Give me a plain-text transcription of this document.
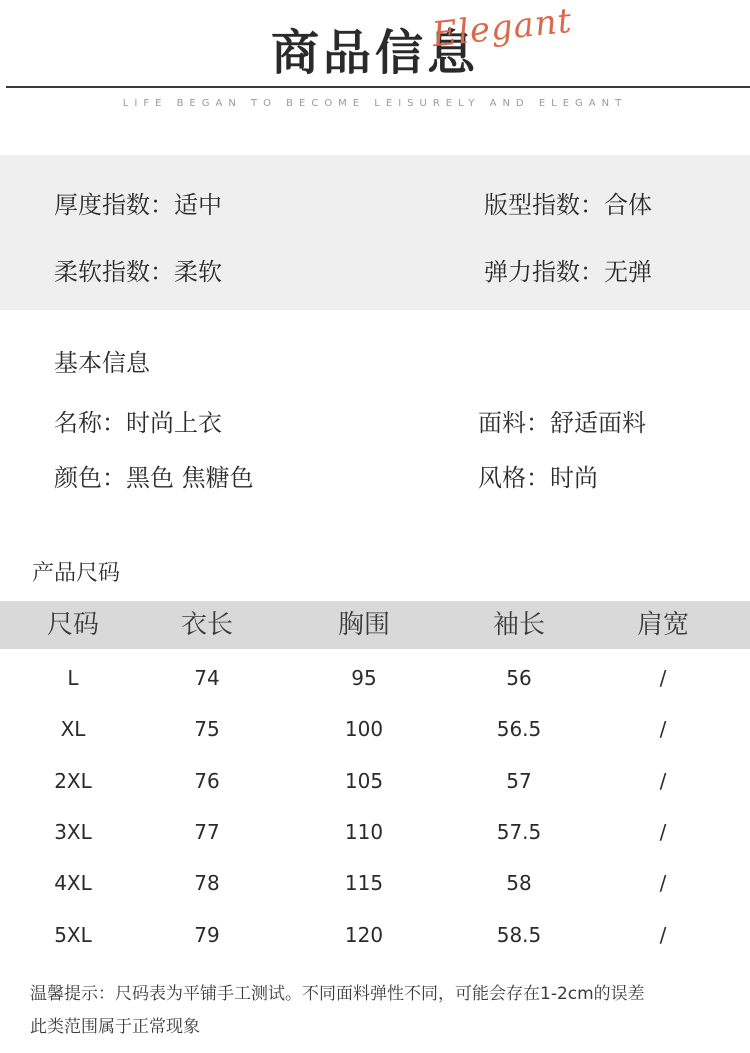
商品信息
Elegant
LIFE BEGAN TO BECOME LEISURELY AND ELEGANT
厚度指数：适中	版型指数：合体
柔软指数：柔软	弹力指数：无弹
基本信息
名称：时尚上衣	面料：舒适面料
颜色：黑色 焦糖色	风格：时尚
产品尺码
尺码	衣长	胸围	袖长	肩宽
L	74	95	56	/
XL	75	100	56.5	/
2XL	76	105	57	/
3XL	77	110	57.5	/
4XL	78	115	58	/
5XL	79	120	58.5	/
温馨提示：尺码表为平铺手工测试。不同面料弹性不同，可能会存在1-2cm的误差
此类范围属于正常现象
